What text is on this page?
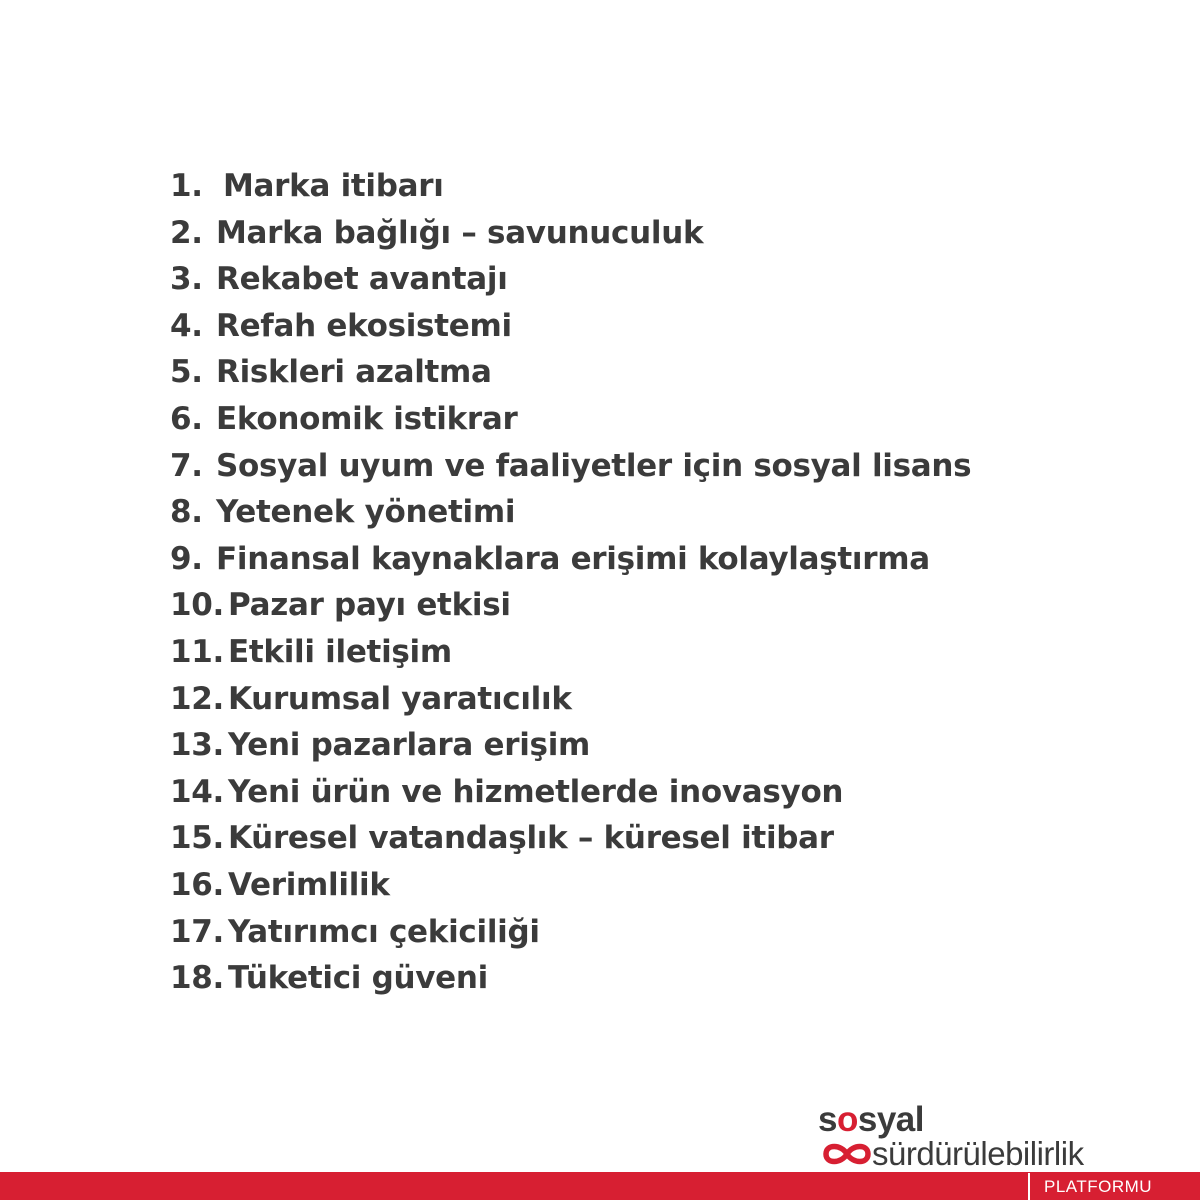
1. Marka itibarı
2. Marka bağlığı – savunuculuk
3. Rekabet avantajı
4. Refah ekosistemi
5. Riskleri azaltma
6. Ekonomik istikrar
7. Sosyal uyum ve faaliyetler için sosyal lisans
8. Yetenek yönetimi
9. Finansal kaynaklara erişimi kolaylaştırma
10. Pazar payı etkisi
11. Etkili iletişim
12. Kurumsal yaratıcılık
13. Yeni pazarlara erişim
14. Yeni ürün ve hizmetlerde inovasyon
15. Küresel vatandaşlık – küresel itibar
16. Verimlilik
17. Yatırımcı çekiciliği
18. Tüketici güveni
sosyal
sürdürülebilirlik
PLATFORMU
